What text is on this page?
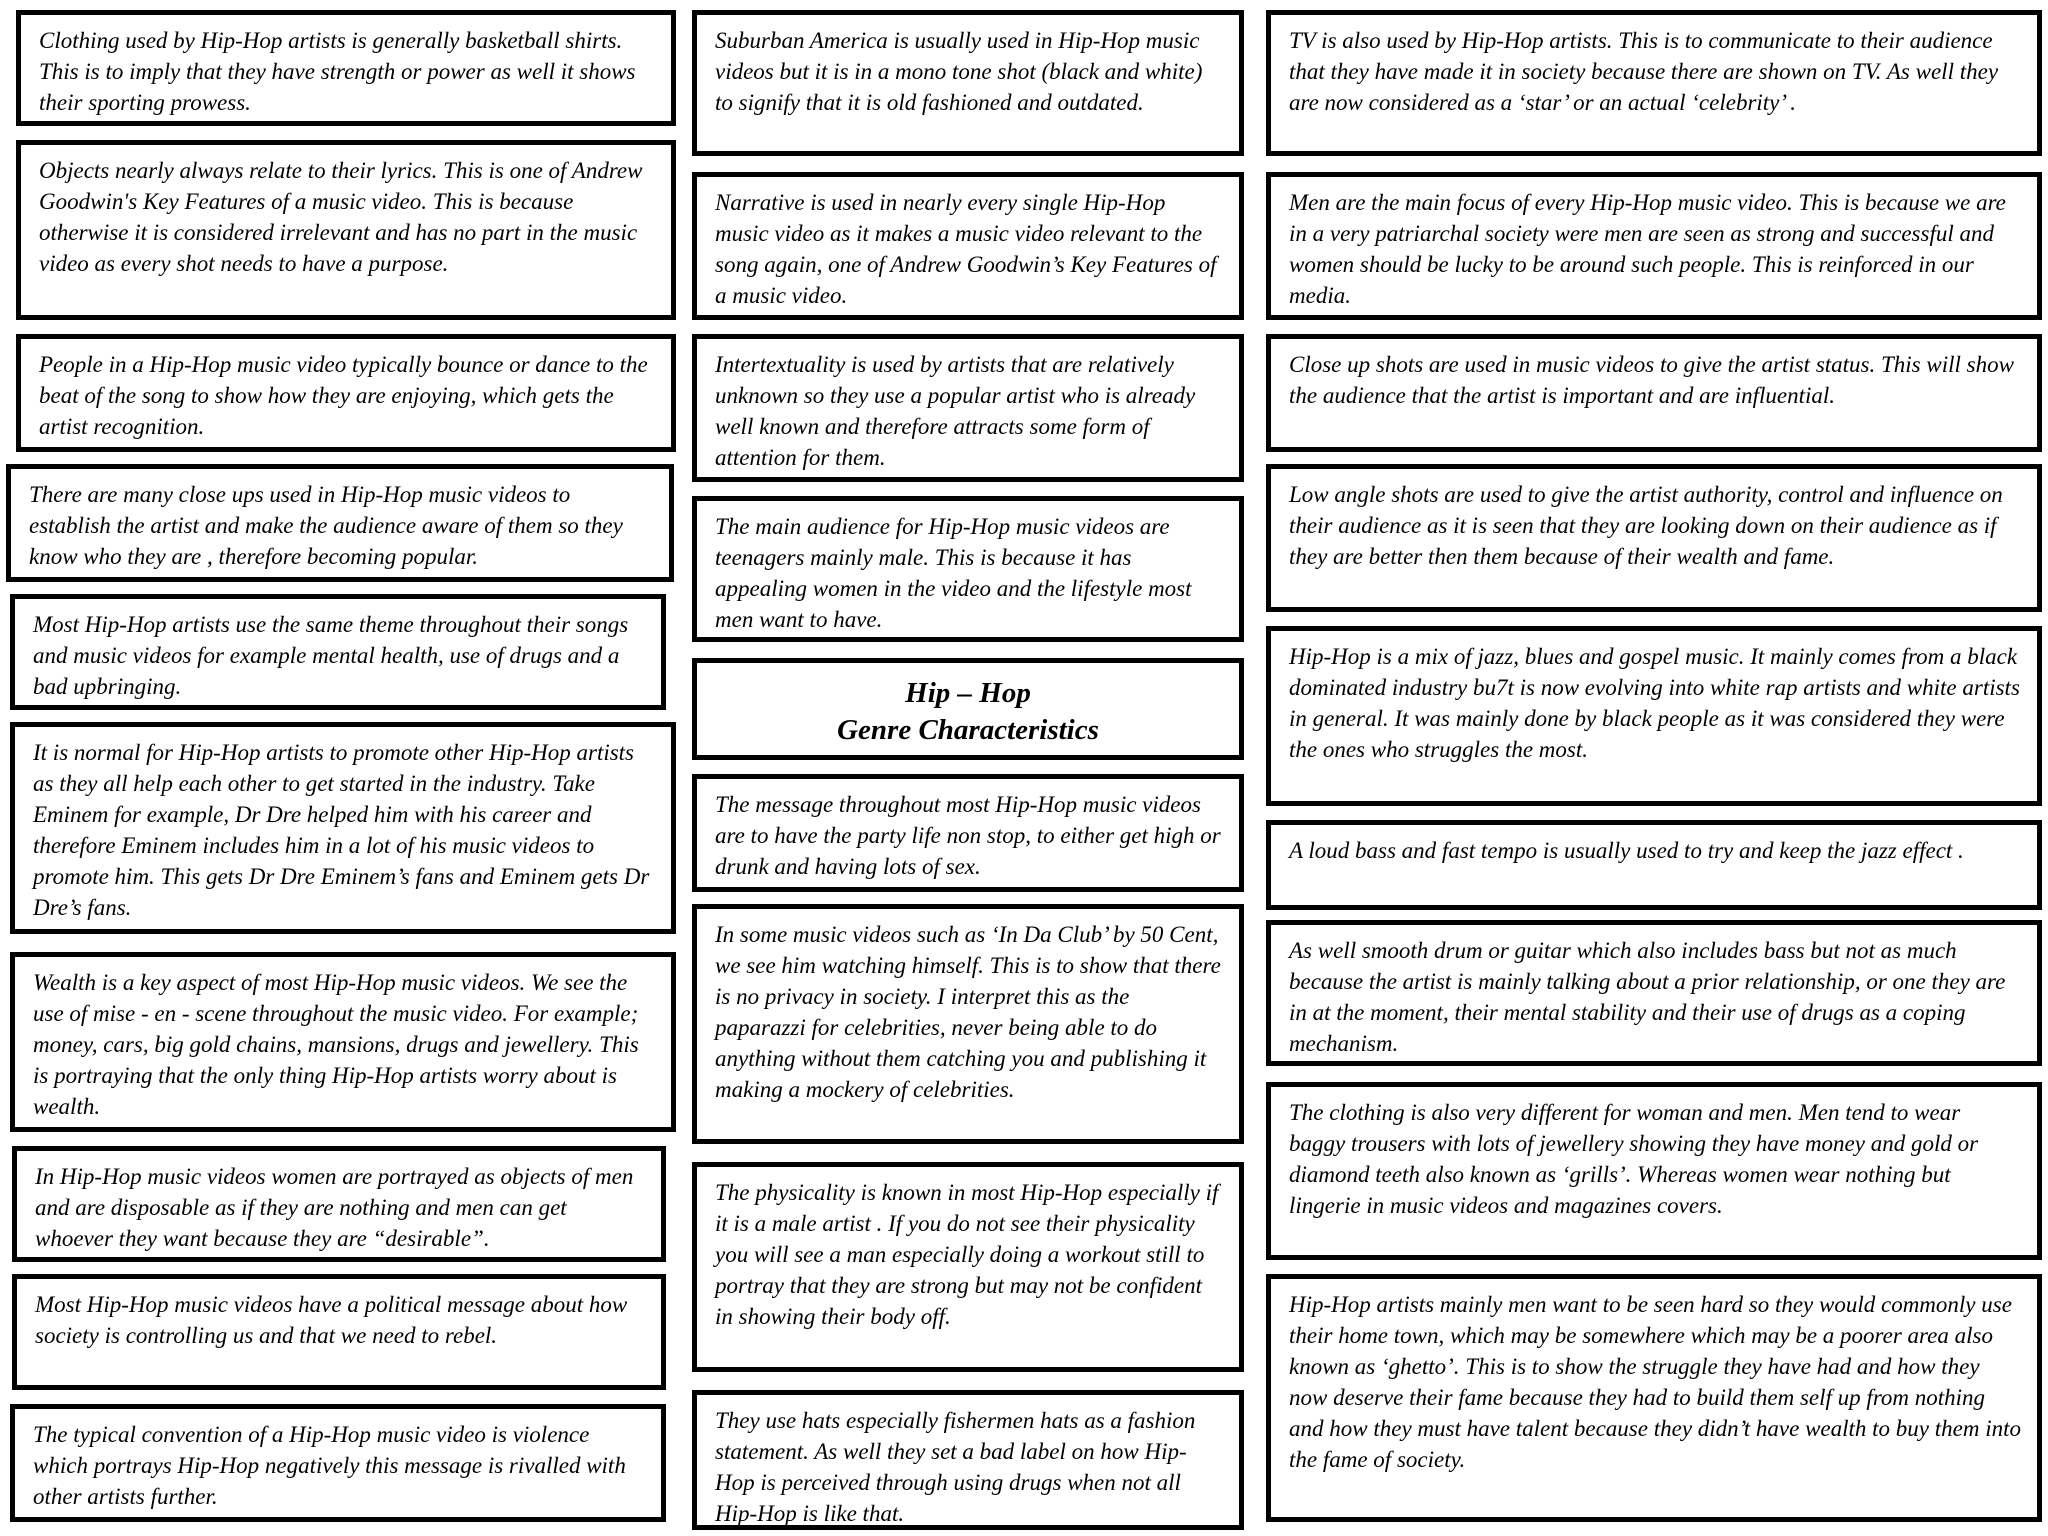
Clothing used by Hip-Hop artists is generally basketball shirts. This is to imply that they have strength or power as well it shows their sporting prowess.
Objects nearly always relate to their lyrics. This is one of Andrew Goodwin's Key Features of a music video. This is because otherwise it is considered irrelevant and has no part in the music video as every shot needs to have a purpose.
People in a Hip-Hop music video typically bounce or dance to the beat of the song to show how they are enjoying, which gets the artist recognition.
There are many close ups used in Hip-Hop music videos to establish the artist and make the audience aware of them so they know who they are , therefore becoming popular.
Most Hip-Hop artists use the same theme throughout their songs and music videos for example mental health, use of drugs and a bad upbringing.
It is normal for Hip-Hop artists to promote other Hip-Hop artists as they all help each other to get started in the industry. Take Eminem for example, Dr Dre helped him with his career and therefore Eminem includes him in a lot of his music videos to promote him. This gets Dr Dre Eminem’s fans and Eminem gets Dr Dre’s fans.
Wealth is a key aspect of most Hip-Hop music videos. We see the use of mise - en - scene throughout the music video. For example; money, cars, big gold chains, mansions, drugs and jewellery. This is portraying that the only thing Hip-Hop artists worry about is wealth.
In Hip-Hop music videos women are portrayed as objects of men and are disposable as if they are nothing and men can get whoever they want because they are “desirable”.
Most Hip-Hop music videos have a political message about how society is controlling us and that we need to rebel.
The typical convention of a Hip-Hop music video is violence which portrays Hip-Hop negatively this message is rivalled with other artists further.
Suburban America is usually used in Hip-Hop music videos but it is in a mono tone shot (black and white) to signify that it is old fashioned and outdated.
Narrative is used in nearly every single Hip-Hop music video as it makes a music video relevant to the song again, one of Andrew Goodwin’s Key Features of a music video.
Intertextuality is used by artists that are relatively unknown so they use a popular artist who is already well known and therefore attracts some form of attention for them.
The main audience for Hip-Hop music videos are teenagers mainly male. This is because it has appealing women in the video and the lifestyle most men want to have.
Hip – Hop
Genre Characteristics
The message throughout most Hip-Hop music videos are to have the party life non stop, to either get high or drunk and having lots of sex.
In some music videos such as ‘In Da Club’ by 50 Cent, we see him watching himself. This is to show that there is no privacy in society. I interpret this as the paparazzi for celebrities, never being able to do anything without them catching you and publishing it making a mockery of celebrities.
The physicality is known in most Hip-Hop especially if it is a male artist . If you do not see their physicality you will see a man especially doing a workout still to portray that they are strong but may not be confident in showing their body off.
They use hats especially fishermen hats as a fashion statement. As well they set a bad label on how Hip-Hop is perceived through using drugs when not all Hip-Hop is like that.
TV is also used by Hip-Hop artists. This is to communicate to their audience that they have made it in society because there are shown on TV. As well they are now considered as a ‘star’ or an actual ‘celebrity’ .
Men are the main focus of every Hip-Hop music video. This is because we are in a very patriarchal society were men are seen as strong and successful and women should be lucky to be around such people. This is reinforced in our media.
Close up shots are used in music videos to give the artist status. This will show the audience that the artist is important and are influential.
Low angle shots are used to give the artist authority, control and influence on their audience as it is seen that they are looking down on their audience as if they are better then them because of their wealth and fame.
Hip-Hop is a mix of jazz, blues and gospel music. It mainly comes from a black dominated industry bu7t is now evolving into white rap artists and white artists in general. It was mainly done by black people as it was considered they were the ones who struggles the most.
A loud bass and fast tempo is usually used to try and keep the jazz effect .
As well smooth drum or guitar which also includes bass but not as much because the artist is mainly talking about a prior relationship, or one they are in at the moment, their mental stability and their use of drugs as a coping mechanism.
The clothing is also very different for woman and men. Men tend to wear baggy trousers with lots of jewellery showing they have money and gold or diamond teeth also known as ‘grills’. Whereas women wear nothing but lingerie in music videos and magazines covers.
Hip-Hop artists mainly men want to be seen hard so they would commonly use their home town, which may be somewhere which may be a poorer area also known as ‘ghetto’. This is to show the struggle they have had and how they now deserve their fame because they had to build them self up from nothing and how they must have talent because they didn’t have wealth to buy them into the fame of society.
